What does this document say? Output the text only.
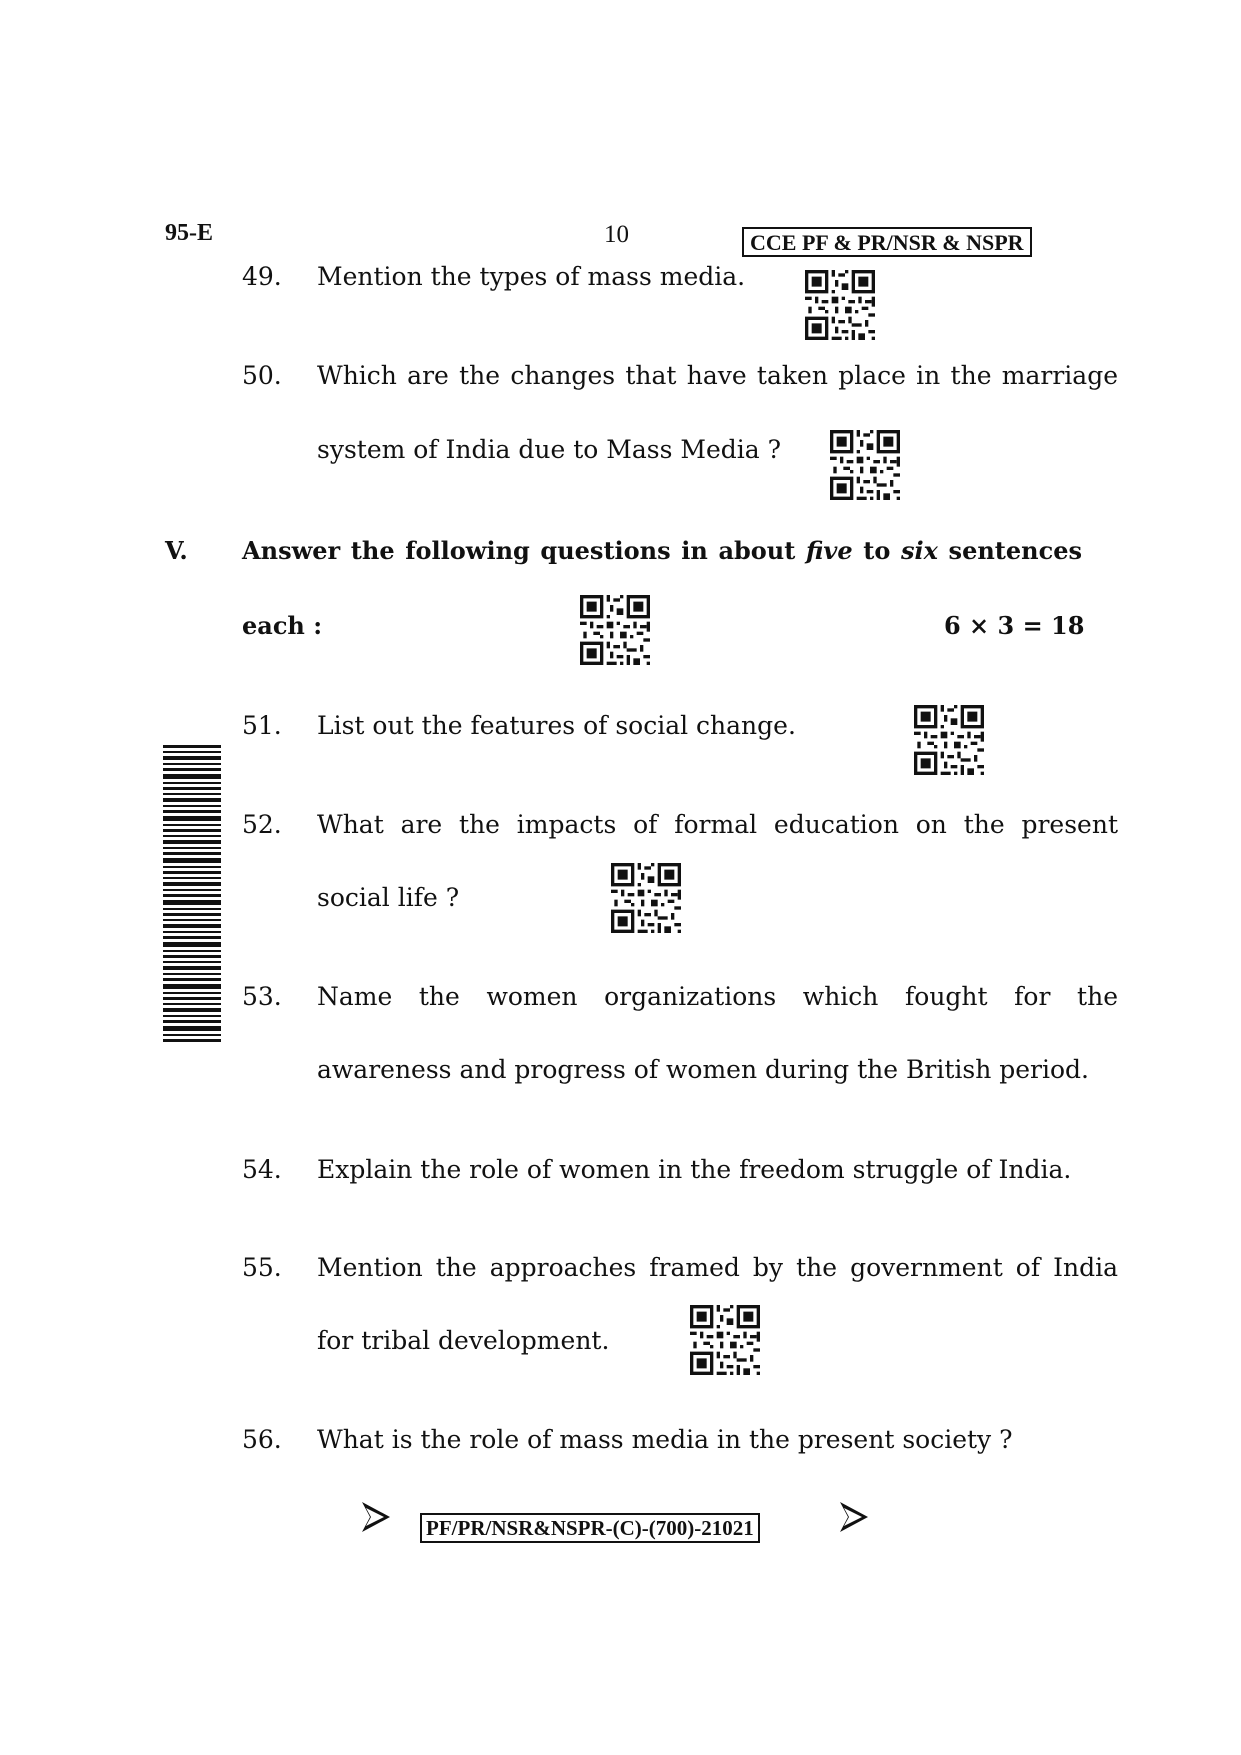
95-E	10	CCE PF & PR/NSR & NSPR
49. Mention the types of mass media.
50. Which are the changes that have taken place in the marriage
system of India due to Mass Media ?
V. Answer the following questions in about five to six sentences
each :	6 × 3 = 18
51. List out the features of social change.
52. What are the impacts of formal education on the present
social life ?
53. Name the women organizations which fought for the
awareness and progress of women during the British period.
54. Explain the role of women in the freedom struggle of India.
55. Mention the approaches framed by the government of India
for tribal development.
56. What is the role of mass media in the present society ?
PF/PR/NSR&NSPR-(C)-(700)-21021
